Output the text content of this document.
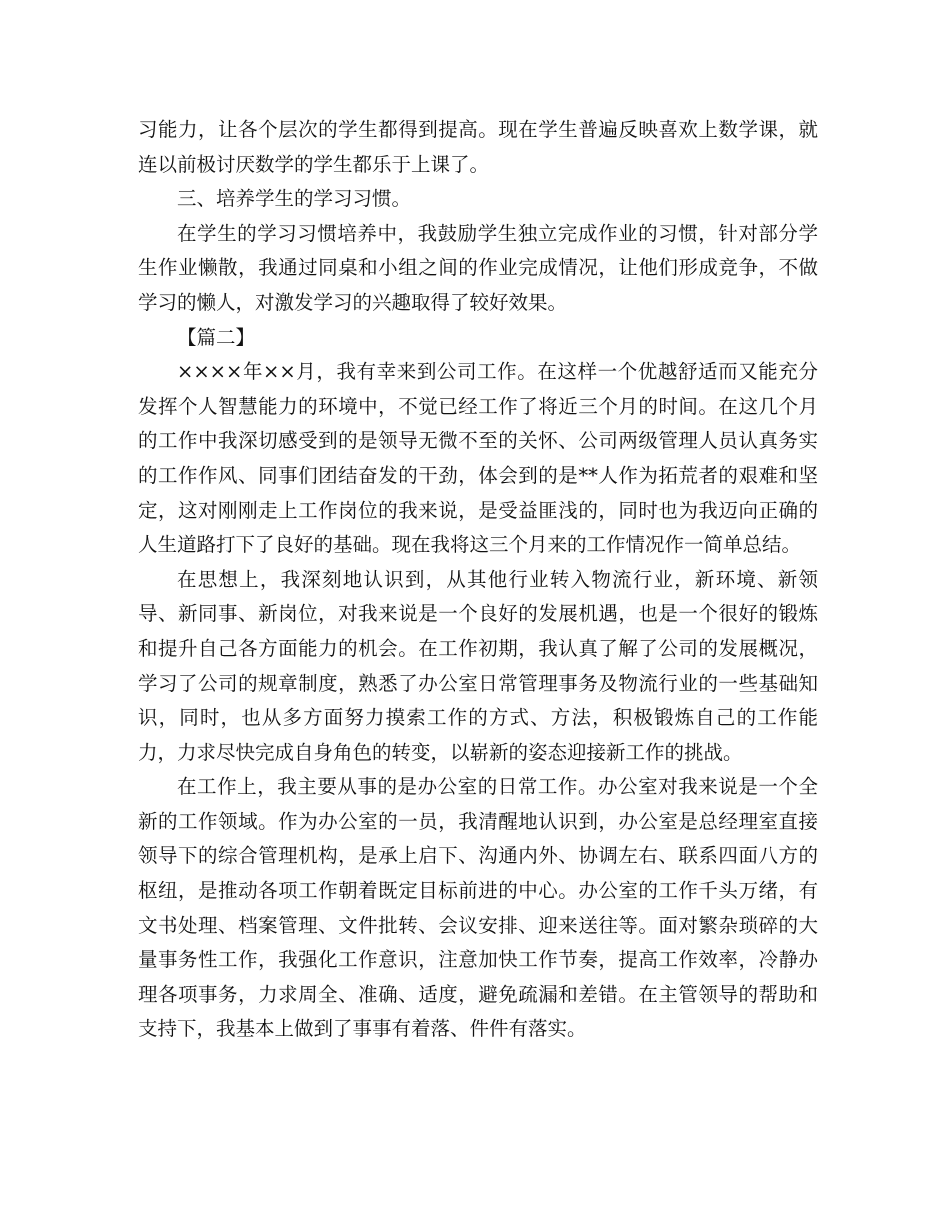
习能力，让各个层次的学生都得到提高。现在学生普遍反映喜欢上数学课，就连以前极讨厌数学的学生都乐于上课了。

三、培养学生的学习习惯。

在学生的学习习惯培养中，我鼓励学生独立完成作业的习惯，针对部分学生作业懒散，我通过同桌和小组之间的作业完成情况，让他们形成竞争，不做学习的懒人，对激发学习的兴趣取得了较好效果。

【篇二】

××××年××月，我有幸来到公司工作。在这样一个优越舒适而又能充分发挥个人智慧能力的环境中，不觉已经工作了将近三个月的时间。在这几个月的工作中我深切感受到的是领导无微不至的关怀、公司两级管理人员认真务实的工作作风、同事们团结奋发的干劲，体会到的是**人作为拓荒者的艰难和坚定，这对刚刚走上工作岗位的我来说，是受益匪浅的，同时也为我迈向正确的人生道路打下了良好的基础。现在我将这三个月来的工作情况作一简单总结。

在思想上，我深刻地认识到，从其他行业转入物流行业，新环境、新领导、新同事、新岗位，对我来说是一个良好的发展机遇，也是一个很好的锻炼和提升自己各方面能力的机会。在工作初期，我认真了解了公司的发展概况，学习了公司的规章制度，熟悉了办公室日常管理事务及物流行业的一些基础知识，同时，也从多方面努力摸索工作的方式、方法，积极锻炼自己的工作能力，力求尽快完成自身角色的转变，以崭新的姿态迎接新工作的挑战。

在工作上，我主要从事的是办公室的日常工作。办公室对我来说是一个全新的工作领域。作为办公室的一员，我清醒地认识到，办公室是总经理室直接领导下的综合管理机构，是承上启下、沟通内外、协调左右、联系四面八方的枢纽，是推动各项工作朝着既定目标前进的中心。办公室的工作千头万绪，有文书处理、档案管理、文件批转、会议安排、迎来送往等。面对繁杂琐碎的大量事务性工作，我强化工作意识，注意加快工作节奏，提高工作效率，冷静办理各项事务，力求周全、准确、适度，避免疏漏和差错。在主管领导的帮助和支持下，我基本上做到了事事有着落、件件有落实。
